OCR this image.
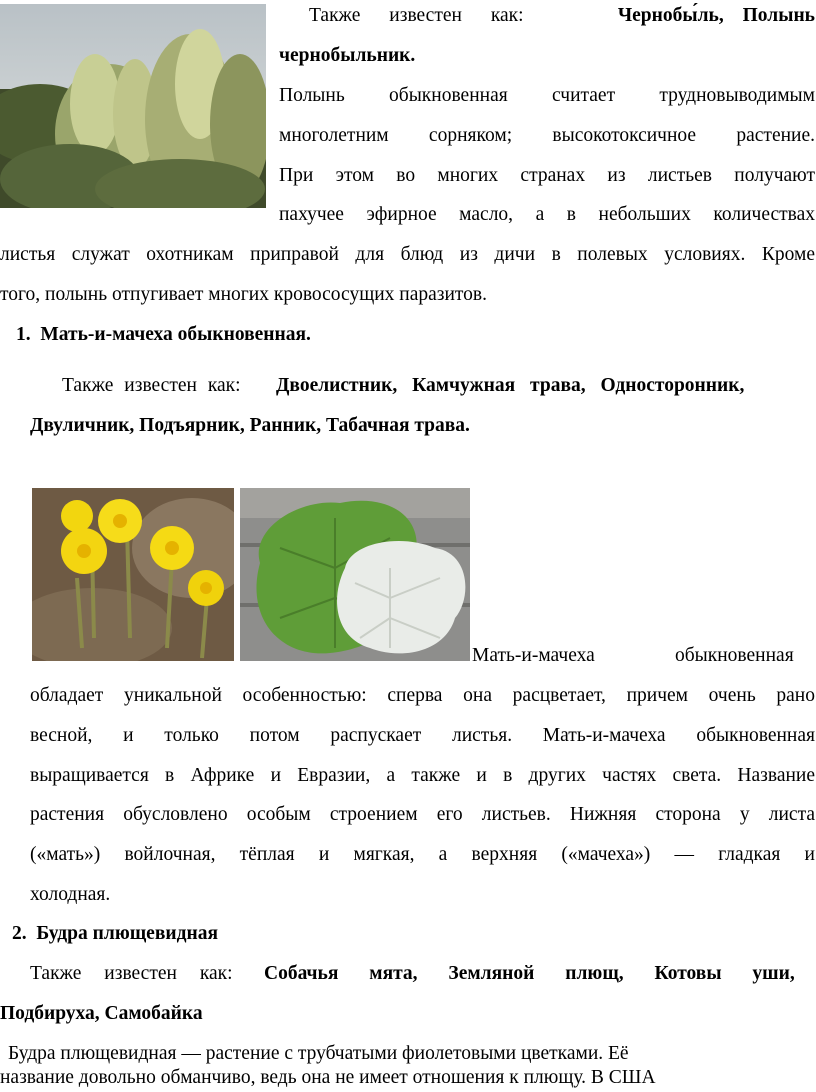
Также известен как:	Чернобы́ль, Полынь
чернобыльник.
Полынь обыкновенная считает трудновыводимым
многолетним сорняком; высокотоксичное растение.
При этом во многих странах из листьев получают
пахучее эфирное масло, а в небольших количествах
листья служат охотникам приправой для блюд из дичи в полевых условиях. Кроме
того, полынь отпугивает многих кровососущих паразитов.
1. Мать-и-мачеха обыкновенная.
Также известен как: Двоелистник, Камчужная трава, Односторонник,
Двуличник, Подъярник, Ранник, Табачная трава.
Мать-и-мачеха	обыкновенная
обладает уникальной особенностью: сперва она расцветает, причем очень рано
весной, и только потом распускает листья. Мать-и-мачеха обыкновенная
выращивается в Африке и Евразии, а также и в других частях света. Название
растения обусловлено особым строением его листьев. Нижняя сторона у листа
(«мать») войлочная, тёплая и мягкая, а верхняя («мачеха») — гладкая и
холодная.
2. Будра плющевидная
Также известен как: Собачья мята, Земляной плющ, Котовы уши,
Подбируха, Самобайка
Будра плющевидная — растение с трубчатыми фиолетовыми цветками. Её
название довольно обманчиво, ведь она не имеет отношения к плющу. В США
